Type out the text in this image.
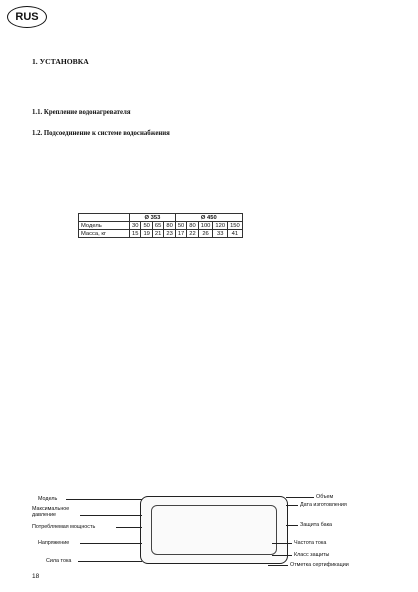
RUS
1. УСТАНОВКА
1.1. Крепление водонагревателя
1.2. Подсоединение к системе водоснабжения
	Ø 353				Ø 450				
Модель	30	50	65	80	50	80	100	120	150
Масса, кг	15	19	21	23	17	22	26	33	41
Модель
Максимальное давление
Потребляемая мощность
Напряжение
Сила тока
Объем
Дата изготовления
Защита бака
Частота тока
Класс защиты
Отметка сертификации
18
